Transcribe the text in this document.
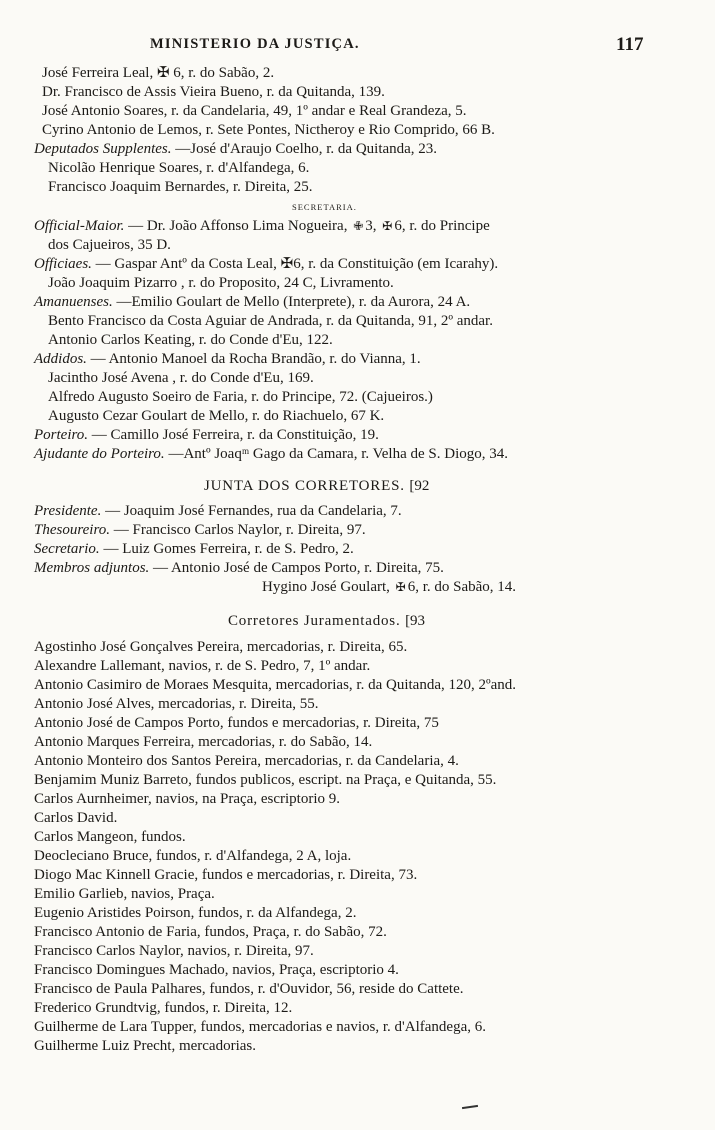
MINISTERIO DA JUSTIÇA.	117
José Ferreira Leal, ✠ 6, r. do Sabão, 2.
Dr. Francisco de Assis Vieira Bueno, r. da Quitanda, 139.
José Antonio Soares, r. da Candelaria, 49, 1º andar e Real Grandeza, 5.
Cyrino Antonio de Lemos, r. Sete Pontes, Nictheroy e Rio Comprido, 66 B.
Deputados Supplentes. —José d'Araujo Coelho, r. da Quitanda, 23.
Nicolão Henrique Soares, r. d'Alfandega, 6.
Francisco Joaquim Bernardes, r. Direita, 25.
SECRETARIA.
Official-Maior. — Dr. João Affonso Lima Nogueira, ✙ 3, ✠ 6, r. do Principe
dos Cajueiros, 35 D.
Officiaes. — Gaspar Antº da Costa Leal, ✠6, r. da Constituição (em Icarahy).
João Joaquim Pizarro , r. do Proposito, 24 C, Livramento.
Amanuenses. —Emilio Goulart de Mello (Interprete), r. da Aurora, 24 A.
Bento Francisco da Costa Aguiar de Andrada, r. da Quitanda, 91, 2º andar.
Antonio Carlos Keating, r. do Conde d'Eu, 122.
Addidos. — Antonio Manoel da Rocha Brandão, r. do Vianna, 1.
Jacintho José Avena , r. do Conde d'Eu, 169.
Alfredo Augusto Soeiro de Faria, r. do Principe, 72. (Cajueiros.)
Augusto Cezar Goulart de Mello, r. do Riachuelo, 67 K.
Porteiro. — Camillo José Ferreira, r. da Constituição, 19.
Ajudante do Porteiro. —Antº Joaqᵐ Gago da Camara, r. Velha de S. Diogo, 34.
JUNTA DOS CORRETORES. [92
Presidente. — Joaquim José Fernandes, rua da Candelaria, 7.
Thesoureiro. — Francisco Carlos Naylor, r. Direita, 97.
Secretario. — Luiz Gomes Ferreira, r. de S. Pedro, 2.
Membros adjuntos. — Antonio José de Campos Porto, r. Direita, 75.
Hygino José Goulart, ✠ 6, r. do Sabão, 14.
Corretores Juramentados. [93
Agostinho José Gonçalves Pereira, mercadorias, r. Direita, 65.
Alexandre Lallemant, navios, r. de S. Pedro, 7, 1º andar.
Antonio Casimiro de Moraes Mesquita, mercadorias, r. da Quitanda, 120, 2ºand.
Antonio José Alves, mercadorias, r. Direita, 55.
Antonio José de Campos Porto, fundos e mercadorias, r. Direita, 75
Antonio Marques Ferreira, mercadorias, r. do Sabão, 14.
Antonio Monteiro dos Santos Pereira, mercadorias, r. da Candelaria, 4.
Benjamim Muniz Barreto, fundos publicos, escript. na Praça, e Quitanda, 55.
Carlos Aurnheimer, navios, na Praça, escriptorio 9.
Carlos David.
Carlos Mangeon, fundos.
Deocleciano Bruce, fundos, r. d'Alfandega, 2 A, loja.
Diogo Mac Kinnell Gracie, fundos e mercadorias, r. Direita, 73.
Emilio Garlieb, navios, Praça.
Eugenio Aristides Poirson, fundos, r. da Alfandega, 2.
Francisco Antonio de Faria, fundos, Praça, r. do Sabão, 72.
Francisco Carlos Naylor, navios, r. Direita, 97.
Francisco Domingues Machado, navios, Praça, escriptorio 4.
Francisco de Paula Palhares, fundos, r. d'Ouvidor, 56, reside do Cattete.
Frederico Grundtvig, fundos, r. Direita, 12.
Guilherme de Lara Tupper, fundos, mercadorias e navios, r. d'Alfandega, 6.
Guilherme Luiz Precht, mercadorias.
